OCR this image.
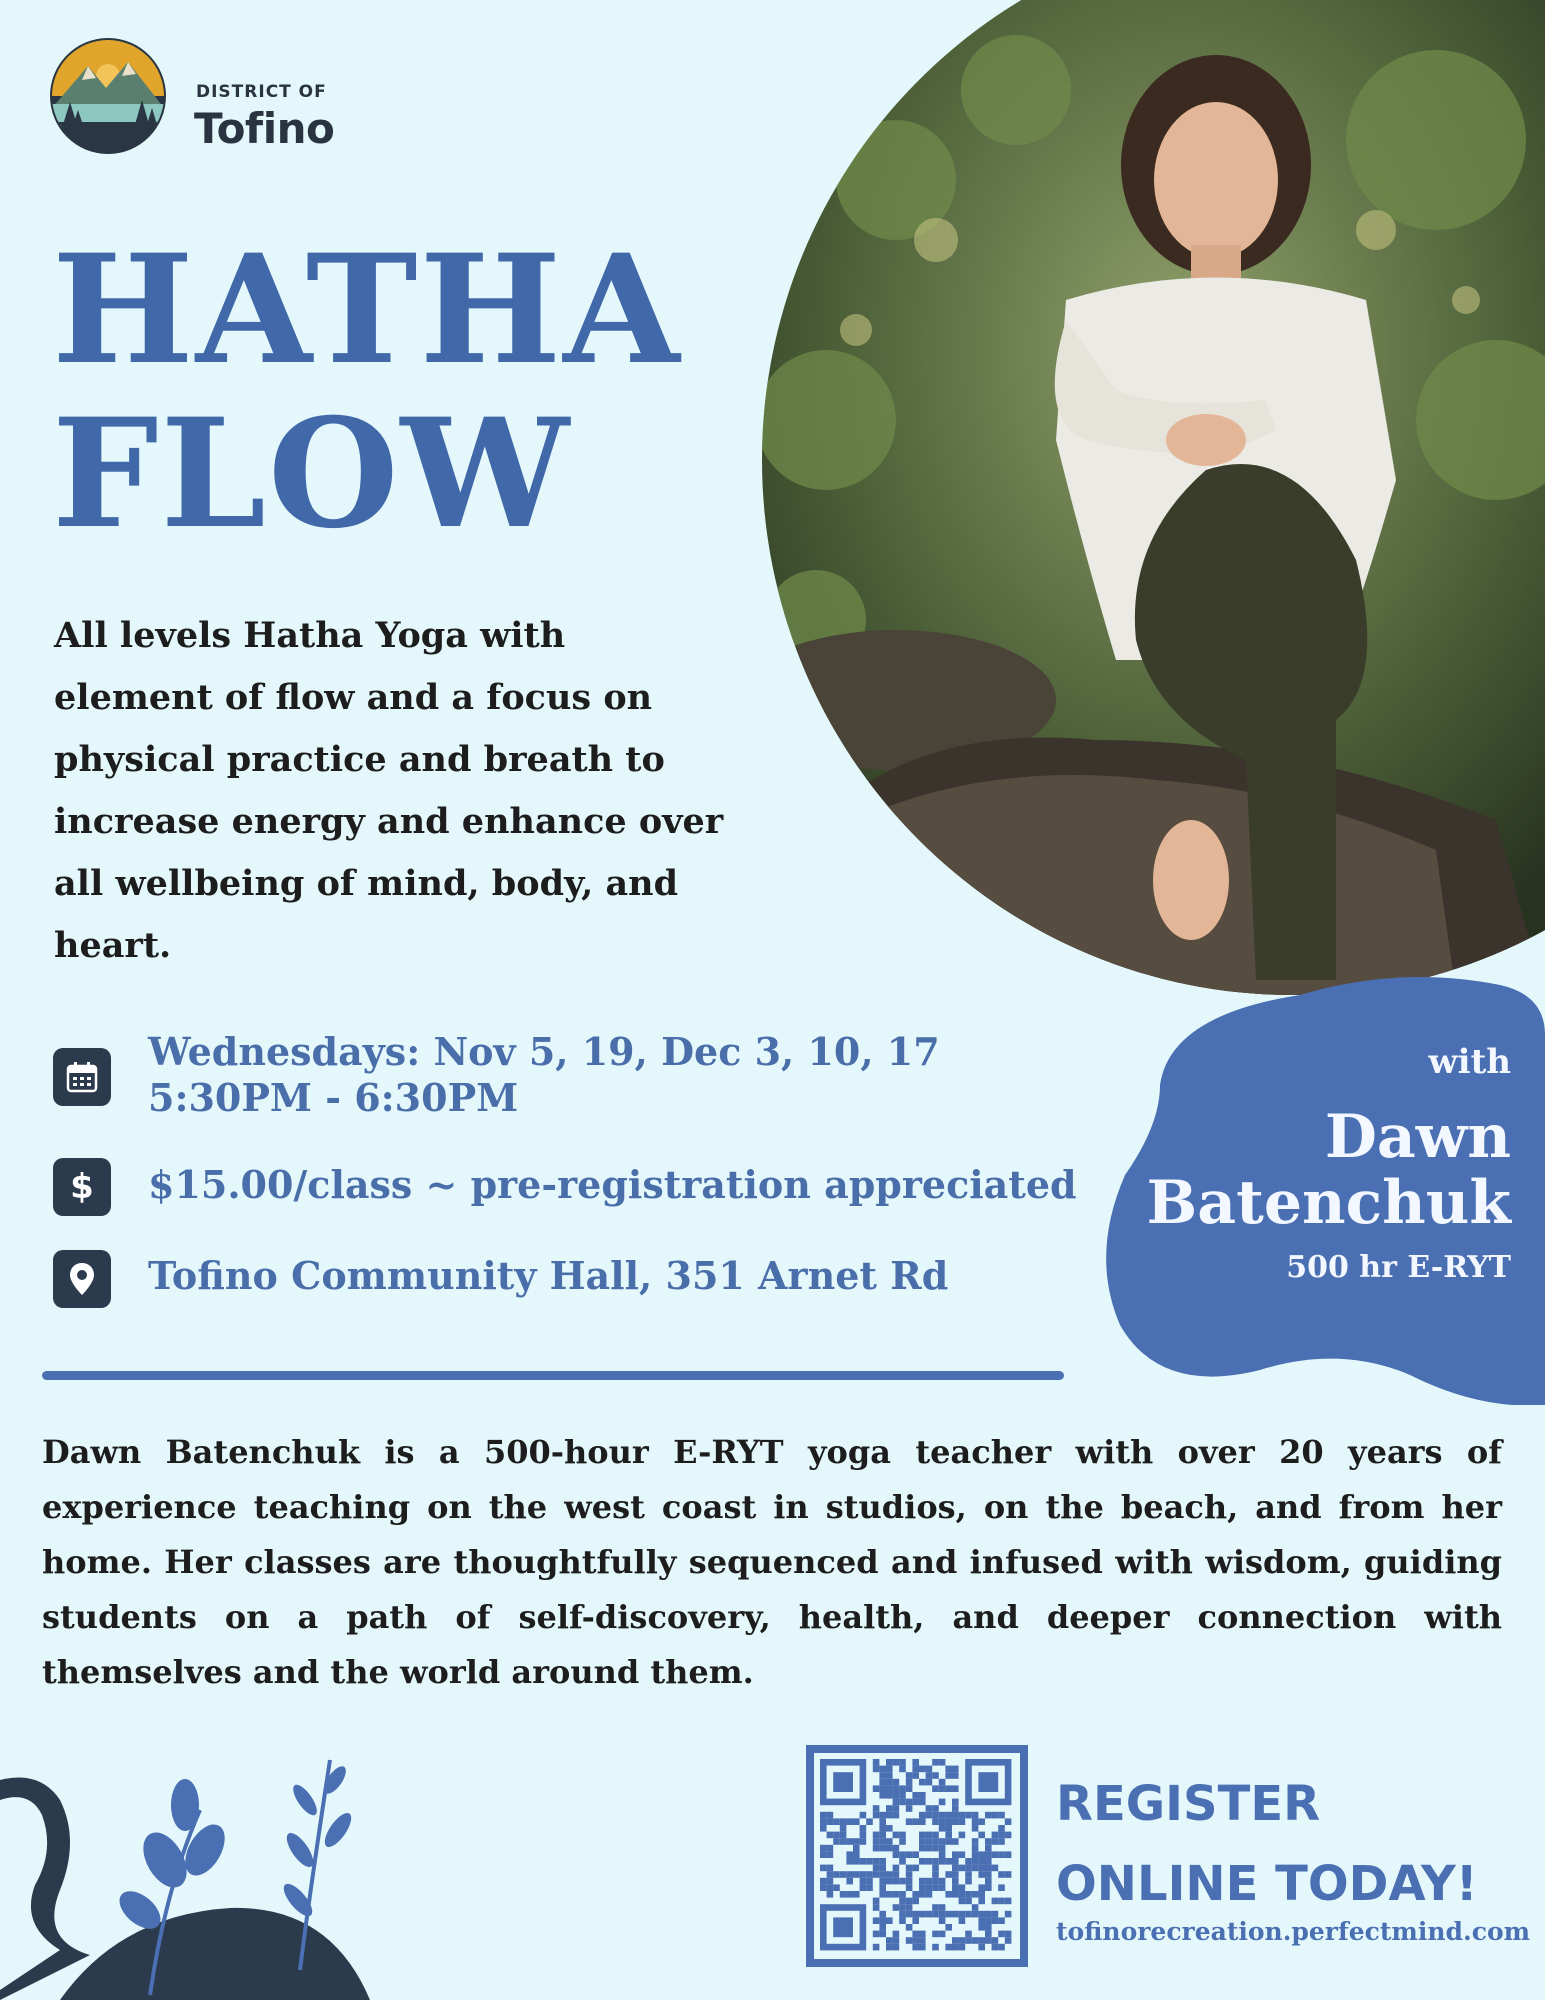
DISTRICT OF
Tofino
HATHA
FLOW
All levels Hatha Yoga with element of flow and a focus on physical practice and breath to increase energy and enhance over all wellbeing of mind, body, and heart.
Wednesdays: Nov 5, 19, Dec 3, 10, 17
5:30PM - 6:30PM
$ $15.00/class ~ pre-registration appreciated
Tofino Community Hall, 351 Arnet Rd
with
Dawn
Batenchuk
500 hr E-RYT
Dawn Batenchuk is a 500-hour E-RYT yoga teacher with over 20 years of experience teaching on the west coast in studios, on the beach, and from her home. Her classes are thoughtfully sequenced and infused with wisdom, guiding students on a path of self-discovery, health, and deeper connection with themselves and the world around them.
REGISTER
ONLINE TODAY!
tofinorecreation.perfectmind.com
